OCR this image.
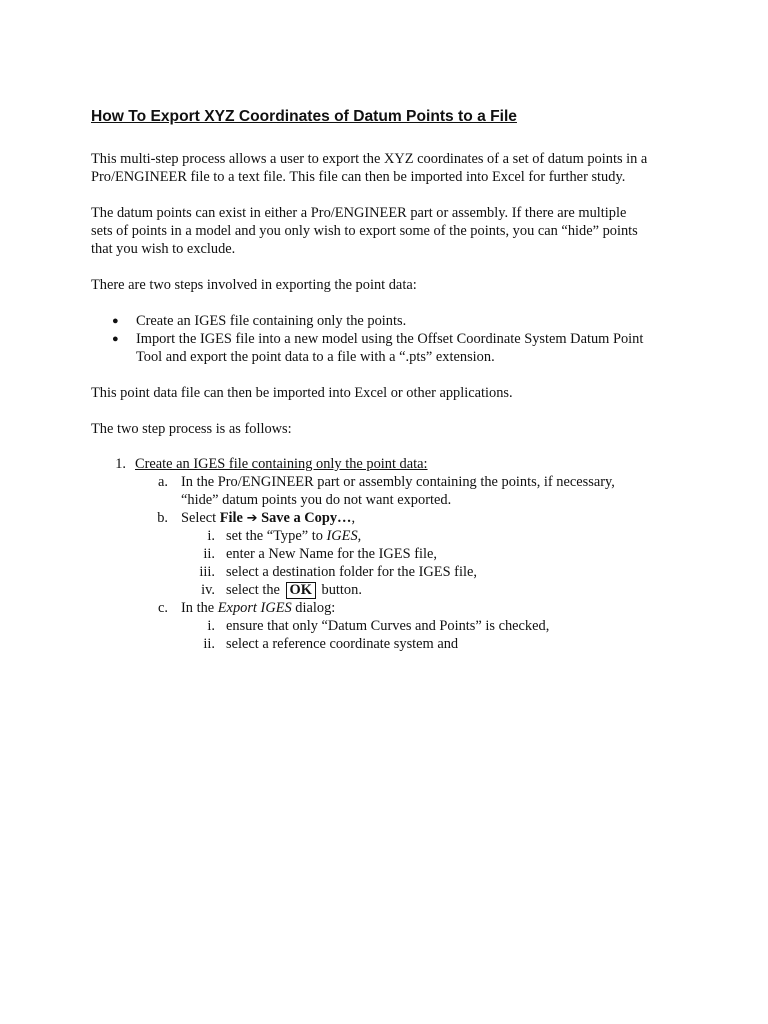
How To Export XYZ Coordinates of Datum Points to a File

This multi-step process allows a user to export the XYZ coordinates of a set of datum points in a
Pro/ENGINEER file to a text file. This file can then be imported into Excel for further study.

The datum points can exist in either a Pro/ENGINEER part or assembly. If there are multiple
sets of points in a model and you only wish to export some of the points, you can “hide” points
that you wish to exclude.

There are two steps involved in exporting the point data:

● Create an IGES file containing only the points.
● Import the IGES file into a new model using the Offset Coordinate System Datum Point
Tool and export the point data to a file with a “.pts” extension.

This point data file can then be imported into Excel or other applications.

The two step process is as follows:

1. Create an IGES file containing only the point data:
a. In the Pro/ENGINEER part or assembly containing the points, if necessary,
“hide” datum points you do not want exported.
b. Select File ➔ Save a Copy…,
i. set the “Type” to IGES,
ii. enter a New Name for the IGES file,
iii. select a destination folder for the IGES file,
iv. select the OK button.
c. In the Export IGES dialog:
i. ensure that only “Datum Curves and Points” is checked,
ii. select a reference coordinate system and
